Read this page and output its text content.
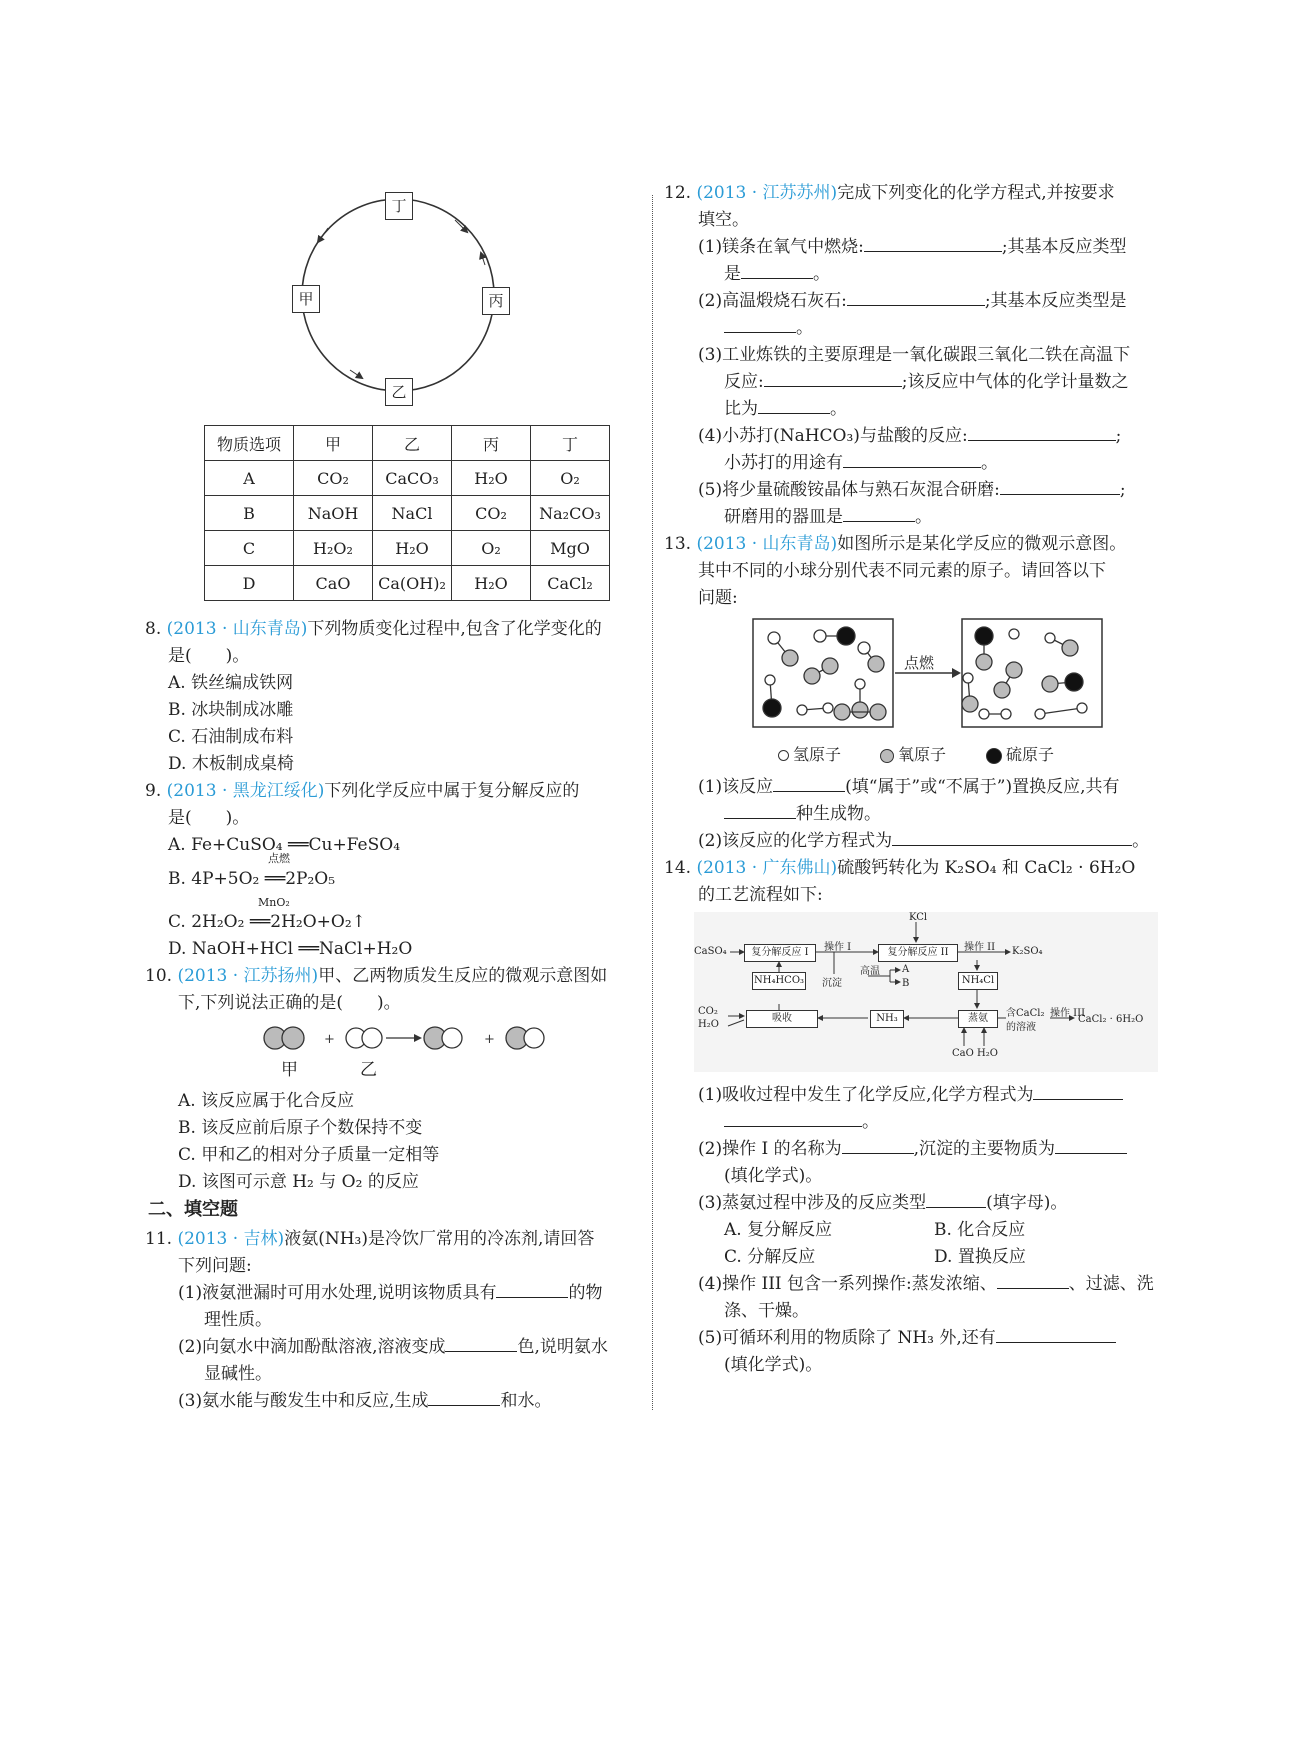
丁
甲	丙
乙
物质选项	甲	乙	丙	丁
A	CO₂	CaCO₃	H₂O	O₂
B	NaOH	NaCl	CO₂	Na₂CO₃
C	H₂O₂	H₂O	O₂	MgO
D	CaO	Ca(OH)₂	H₂O	CaCl₂
8. (2013 · 山东青岛)下列物质变化过程中,包含了化学变化的
是(　　)。
A. 铁丝编成铁网
B. 冰块制成冰雕
C. 石油制成布料
D. 木板制成桌椅
9. (2013 · 黑龙江绥化)下列化学反应中属于复分解反应的
是(　　)。
A. Fe+CuSO₄ ══Cu+FeSO₄
点燃
B. 4P+5O₂ ══2P₂O₅
MnO₂
C. 2H₂O₂ ══2H₂O+O₂↑
D. NaOH+HCl ══NaCl+H₂O
10. (2013 · 江苏扬州)甲、乙两物质发生反应的微观示意图如
下,下列说法正确的是(　　)。
+	+
甲	乙
A. 该反应属于化合反应
B. 该反应前后原子个数保持不变
C. 甲和乙的相对分子质量一定相等
D. 该图可示意 H₂ 与 O₂ 的反应
二、填空题
11. (2013 · 吉林)液氨(NH₃)是冷饮厂常用的冷冻剂,请回答
下列问题:
(1)液氨泄漏时可用水处理,说明该物质具有	的物
理性质。
(2)向氨水中滴加酚酞溶液,溶液变成	色,说明氨水
显碱性。
(3)氨水能与酸发生中和反应,生成	和水。
12. (2013 · 江苏苏州)完成下列变化的化学方程式,并按要求
填空。
(1)镁条在氧气中燃烧:	;其基本反应类型
是	。
(2)高温煅烧石灰石:	;其基本反应类型是
。
(3)工业炼铁的主要原理是一氧化碳跟三氧化二铁在高温下
反应:	;该反应中气体的化学计量数之
比为	。
(4)小苏打(NaHCO₃)与盐酸的反应:	;
小苏打的用途有	。
(5)将少量硫酸铵晶体与熟石灰混合研磨:	;
研磨用的器皿是	。
13. (2013 · 山东青岛)如图所示是某化学反应的微观示意图。
其中不同的小球分别代表不同元素的原子。请回答以下
问题:
点燃
氢原子	氧原子	硫原子
(1)该反应	(填“属于”或“不属于”)置换反应,共有
种生成物。
(2)该反应的化学方程式为	。
14. (2013 · 广东佛山)硫酸钙转化为 K₂SO₄ 和 CaCl₂ · 6H₂O
的工艺流程如下:
CaSO₄	复分解反应 I	操作 I
KCl
复分解反应 II	操作 II K₂SO₄
NH₄HCO₃ 沉淀
高温 A
B	NH₄Cl
CO₂
H₂O
吸收	NH₃	蒸氨	含CaCl₂
的溶液
操作 III
CaCl₂ · 6H₂O
CaO H₂O
(1)吸收过程中发生了化学反应,化学方程式为
。
(2)操作 I 的名称为	,沉淀的主要物质为
(填化学式)。
(3)蒸氨过程中涉及的反应类型	(填字母)。
A. 复分解反应	B. 化合反应
C. 分解反应	D. 置换反应
(4)操作 III 包含一系列操作:蒸发浓缩、	、过滤、洗
涤、干燥。
(5)可循环利用的物质除了 NH₃ 外,还有
(填化学式)。
